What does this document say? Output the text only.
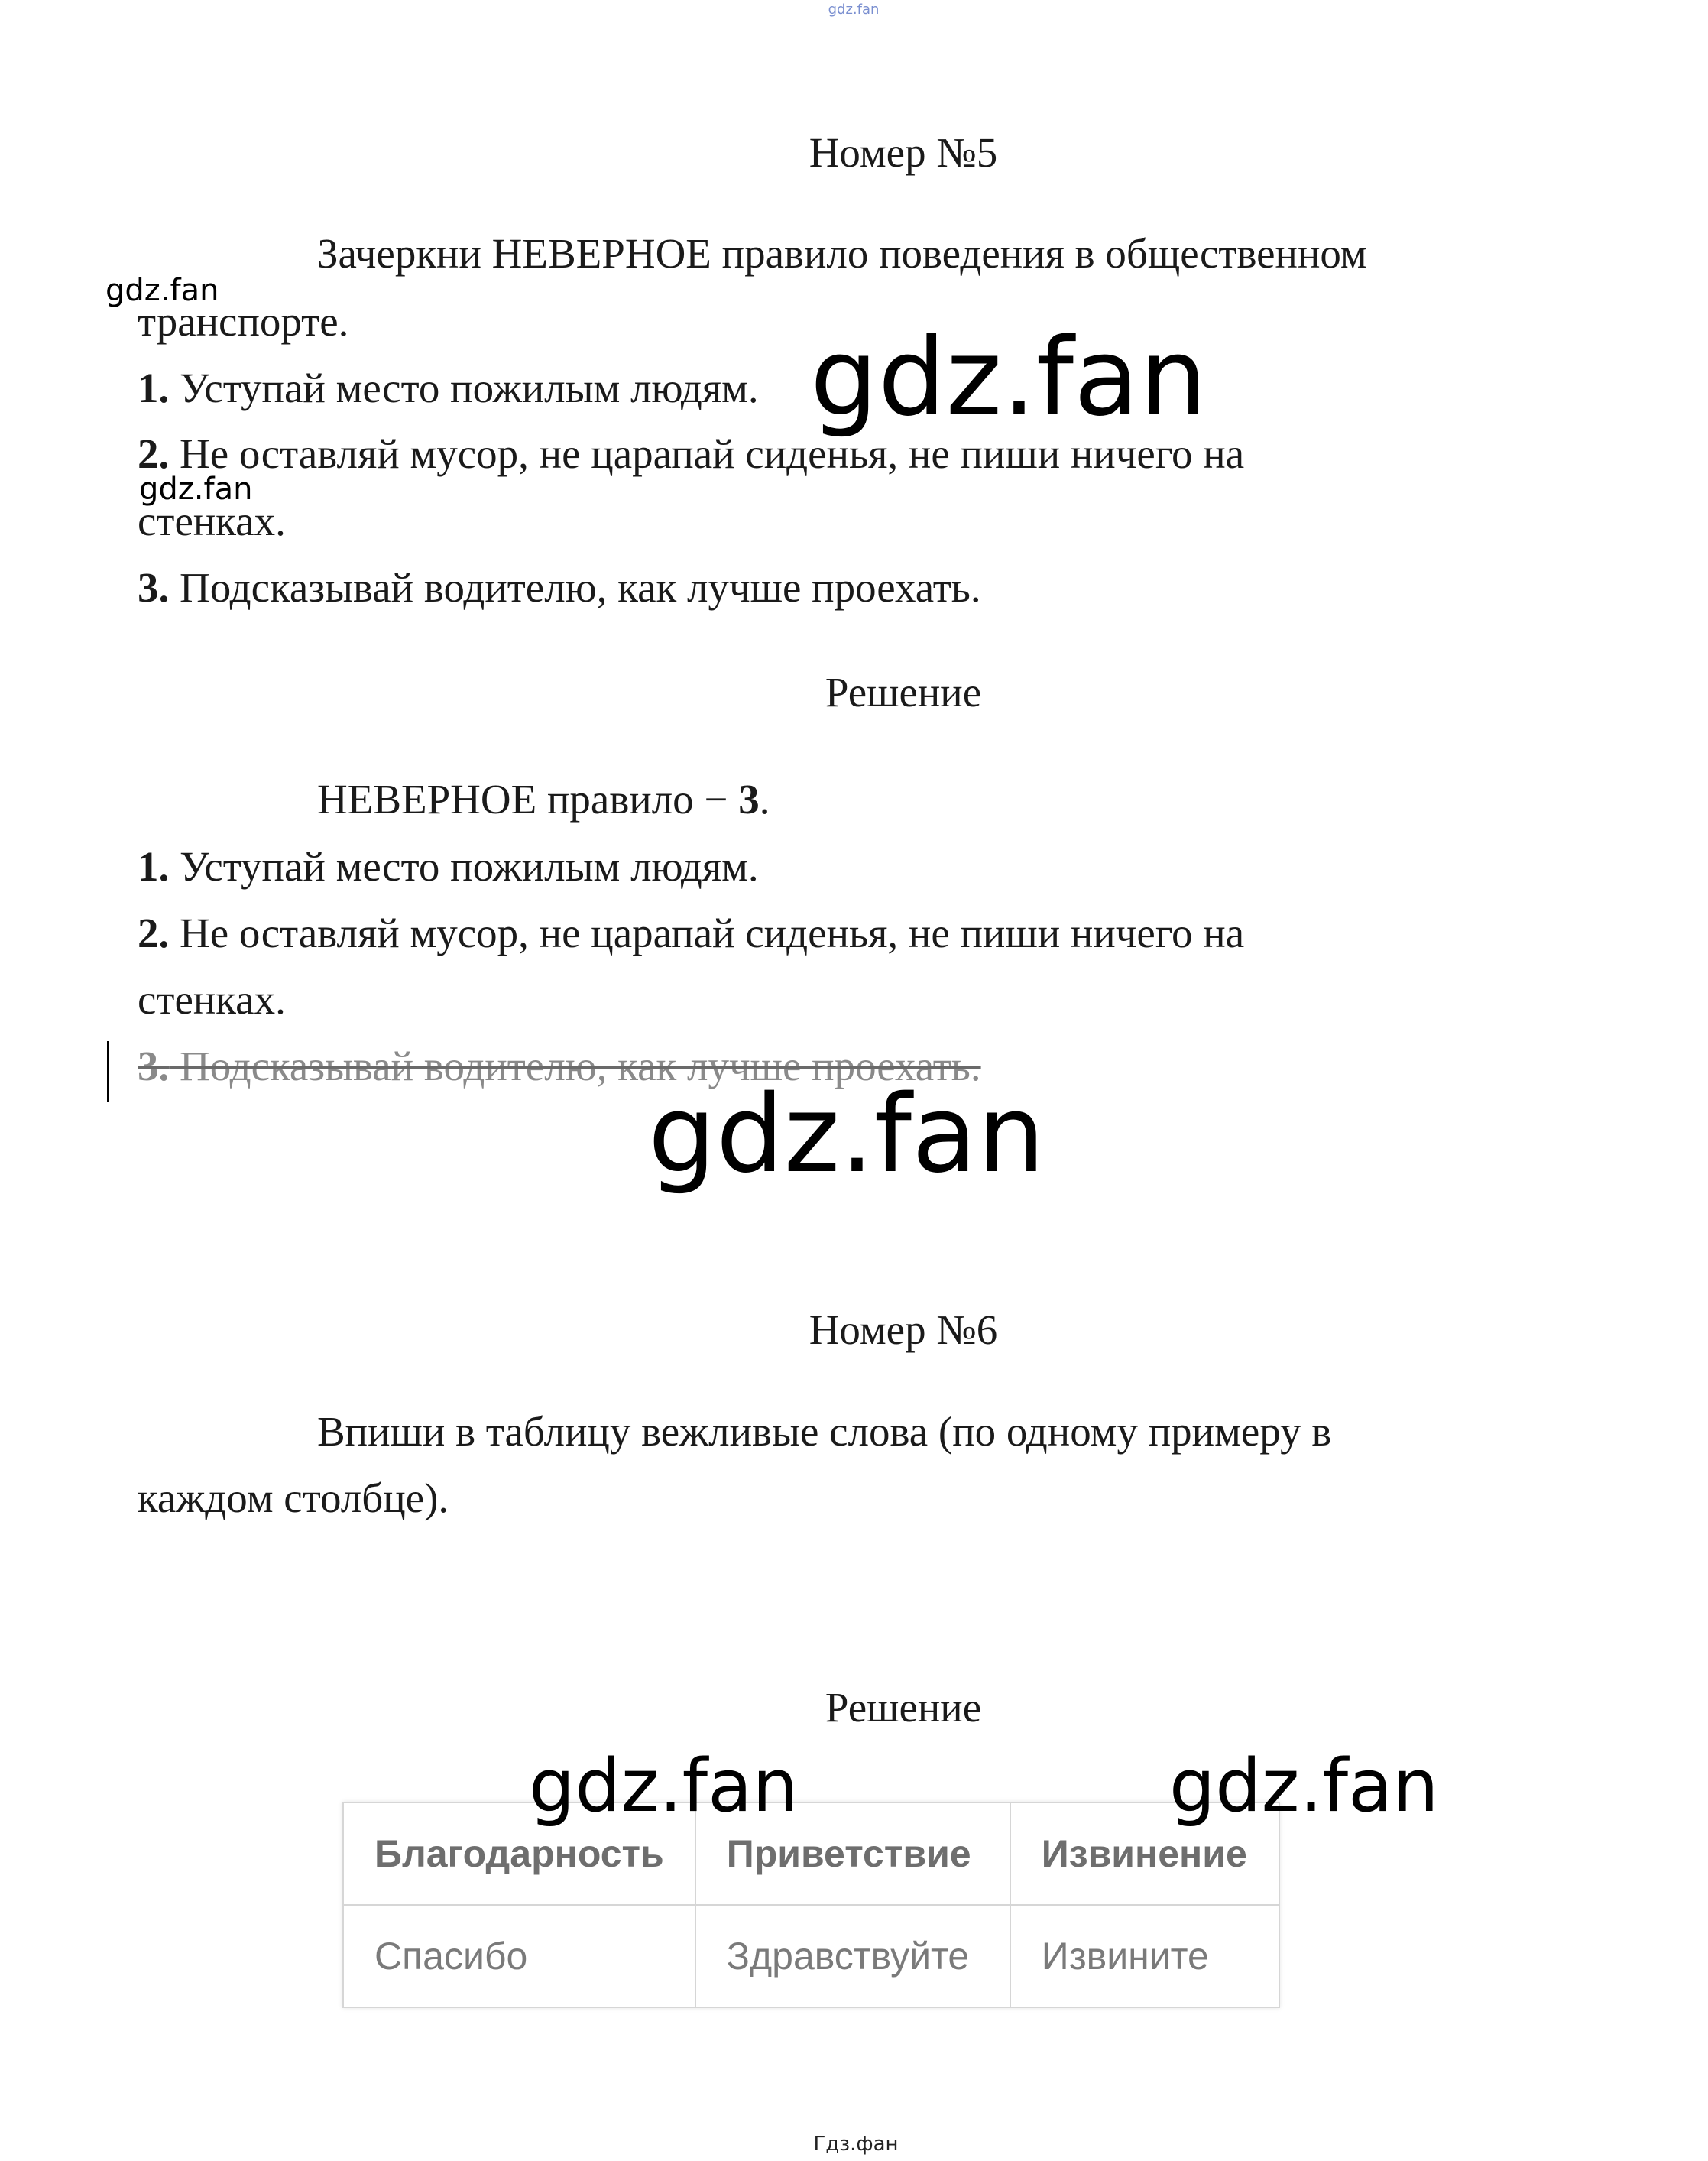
gdz.fan
Номер №5
Зачеркни НЕВЕРНОЕ правило поведения в общественном
транспорте.
1. Уступай место пожилым людям.
2. Не оставляй мусор, не царапай сиденья, не пиши ничего на
стенках.
3. Подсказывай водителю, как лучше проехать.
Решение
НЕВЕРНОЕ правило − 3.
1. Уступай место пожилым людям.
2. Не оставляй мусор, не царапай сиденья, не пиши ничего на
стенках.
3. Подсказывай водителю, как лучше проехать.
Номер №6
Впиши в таблицу вежливые слова (по одному примеру в
каждом столбце).
Решение
Благодарность	Приветствие	Извинение
Спасибо	Здравствуйте	Извините
gdz.fan
gdz.fan
gdz.fan
gdz.fan
gdz.fan	gdz.fan
Гдз.фан
